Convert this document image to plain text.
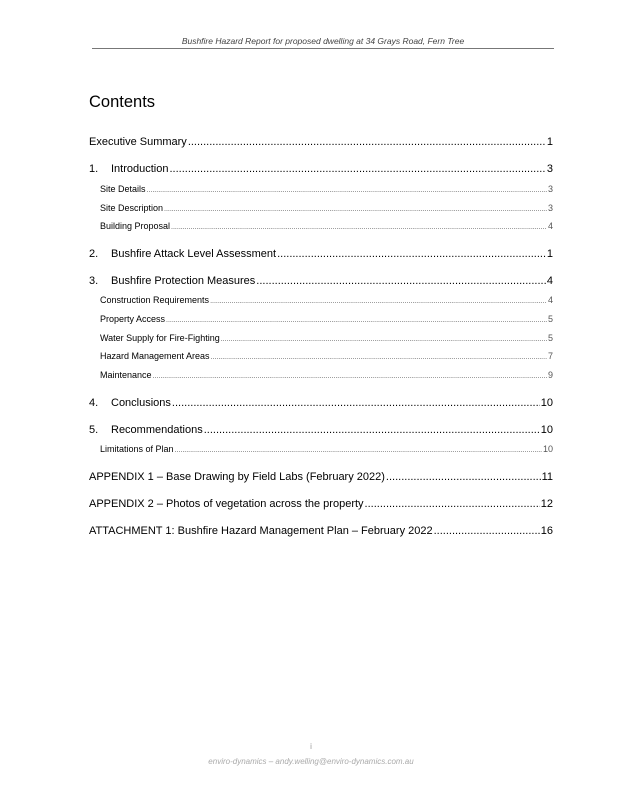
Bushfire Hazard Report for proposed dwelling at 34 Grays Road, Fern Tree
Contents
Executive Summary .....	1
1.	Introduction .....	3
Site Details .....	3
Site Description .....	3
Building Proposal .....	4
2.	Bushfire Attack Level Assessment .....	1
3.	Bushfire Protection Measures .....	4
Construction Requirements .....	4
Property Access .....	5
Water Supply for Fire-Fighting .....	5
Hazard Management Areas .....	7
Maintenance .....	9
4.	Conclusions .....	10
5.	Recommendations .....	10
Limitations of Plan .....	10
APPENDIX 1 – Base Drawing by Field Labs (February 2022) .....	11
APPENDIX 2 – Photos of vegetation across the property .....	12
ATTACHMENT 1: Bushfire Hazard Management Plan – February 2022 .....	16
i
enviro-dynamics – andy.welling@enviro-dynamics.com.au
